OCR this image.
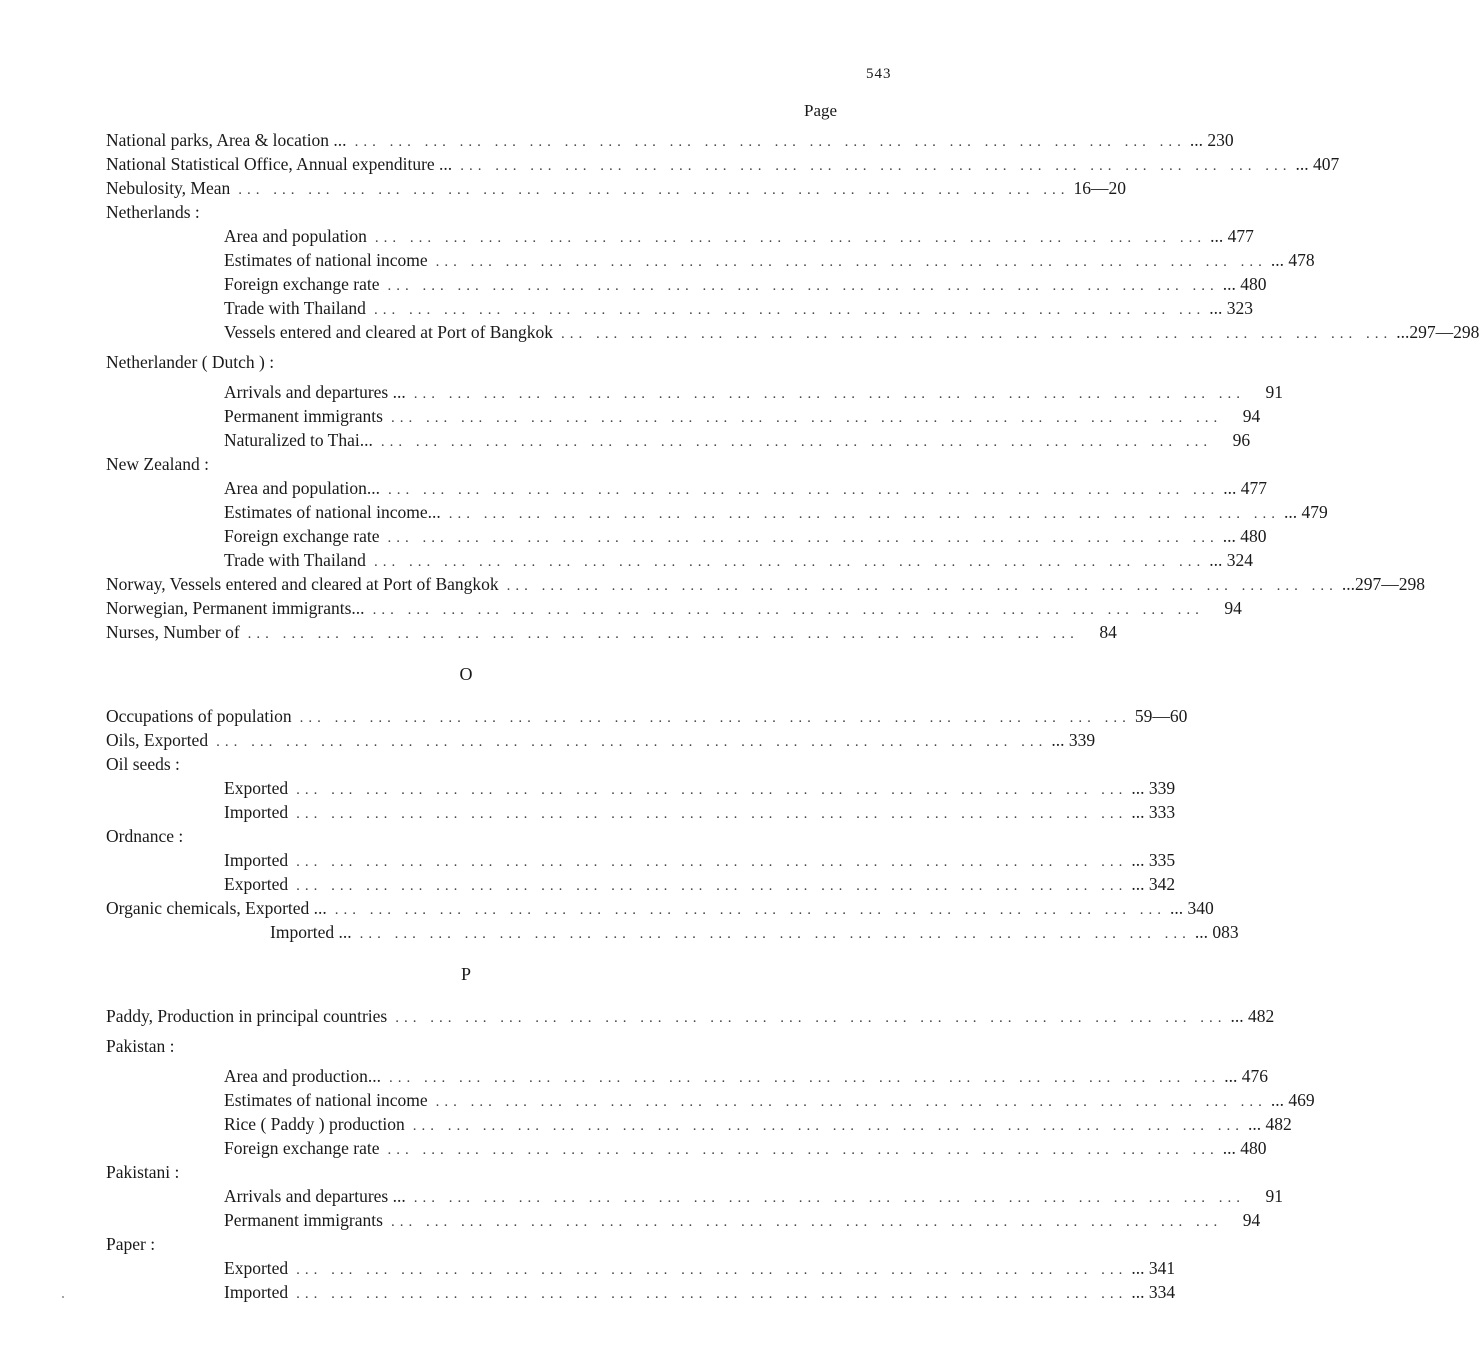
543
Page
National parks, Area & location ... ... ... ... ... ... ... ... ... ... ... ... ... ... ... ... ... ... ... ... ... ... ... ... ... ... 230
National Statistical Office, Annual expenditure ... ... ... ... ... ... ... ... ... ... ... ... ... ... ... ... ... ... ... ... ... ... ... ... ... ... 407
Nebulosity, Mean ... ... ... ... ... ... ... ... ... ... ... ... ... ... ... ... ... ... ... ... ... ... ... ... 16—20
Netherlands :
Area and population ... ... ... ... ... ... ... ... ... ... ... ... ... ... ... ... ... ... ... ... ... ... ... ... ... 477
Estimates of national income ... ... ... ... ... ... ... ... ... ... ... ... ... ... ... ... ... ... ... ... ... ... ... ... ... 478
Foreign exchange rate ... ... ... ... ... ... ... ... ... ... ... ... ... ... ... ... ... ... ... ... ... ... ... ... ... 480
Trade with Thailand ... ... ... ... ... ... ... ... ... ... ... ... ... ... ... ... ... ... ... ... ... ... ... ... ... 323
Vessels entered and cleared at Port of Bangkok ... ... ... ... ... ... ... ... ... ... ... ... ... ... ... ... ... ... ... ... ... ... ... ... ...297—298
Netherlander ( Dutch ) :
Arrivals and departures ... ... ... ... ... ... ... ... ... ... ... ... ... ... ... ... ... ... ... ... ... ... ... ... ...	91
Permanent immigrants ... ... ... ... ... ... ... ... ... ... ... ... ... ... ... ... ... ... ... ... ... ... ... ...	94
Naturalized to Thai... ... ... ... ... ... ... ... ... ... ... ... ... ... ... ... ... ... ... ... ... ... ... ... ...	96
New Zealand :
Area and population... ... ... ... ... ... ... ... ... ... ... ... ... ... ... ... ... ... ... ... ... ... ... ... ... ... 477
Estimates of national income... ... ... ... ... ... ... ... ... ... ... ... ... ... ... ... ... ... ... ... ... ... ... ... ... ... 479
Foreign exchange rate ... ... ... ... ... ... ... ... ... ... ... ... ... ... ... ... ... ... ... ... ... ... ... ... ... 480
Trade with Thailand ... ... ... ... ... ... ... ... ... ... ... ... ... ... ... ... ... ... ... ... ... ... ... ... ... 324
Norway, Vessels entered and cleared at Port of Bangkok ... ... ... ... ... ... ... ... ... ... ... ... ... ... ... ... ... ... ... ... ... ... ... ... ...297—298
Norwegian, Permanent immigrants... ... ... ... ... ... ... ... ... ... ... ... ... ... ... ... ... ... ... ... ... ... ... ... ...	94
Nurses, Number of ... ... ... ... ... ... ... ... ... ... ... ... ... ... ... ... ... ... ... ... ... ... ... ...	84
O
Occupations of population ... ... ... ... ... ... ... ... ... ... ... ... ... ... ... ... ... ... ... ... ... ... ... ... 59—60
Oils, Exported ... ... ... ... ... ... ... ... ... ... ... ... ... ... ... ... ... ... ... ... ... ... ... ... ... 339
Oil seeds :
Exported ... ... ... ... ... ... ... ... ... ... ... ... ... ... ... ... ... ... ... ... ... ... ... ... ... 339
Imported ... ... ... ... ... ... ... ... ... ... ... ... ... ... ... ... ... ... ... ... ... ... ... ... ... 333
Ordnance :
Imported ... ... ... ... ... ... ... ... ... ... ... ... ... ... ... ... ... ... ... ... ... ... ... ... ... 335
Exported ... ... ... ... ... ... ... ... ... ... ... ... ... ... ... ... ... ... ... ... ... ... ... ... ... 342
Organic chemicals, Exported ... ... ... ... ... ... ... ... ... ... ... ... ... ... ... ... ... ... ... ... ... ... ... ... ... ... 340
Imported ... ... ... ... ... ... ... ... ... ... ... ... ... ... ... ... ... ... ... ... ... ... ... ... ... ... 083
P
Paddy, Production in principal countries ... ... ... ... ... ... ... ... ... ... ... ... ... ... ... ... ... ... ... ... ... ... ... ... ... 482
Pakistan :
Area and production... ... ... ... ... ... ... ... ... ... ... ... ... ... ... ... ... ... ... ... ... ... ... ... ... ... 476
Estimates of national income ... ... ... ... ... ... ... ... ... ... ... ... ... ... ... ... ... ... ... ... ... ... ... ... ... 469
Rice ( Paddy ) production ... ... ... ... ... ... ... ... ... ... ... ... ... ... ... ... ... ... ... ... ... ... ... ... ... 482
Foreign exchange rate ... ... ... ... ... ... ... ... ... ... ... ... ... ... ... ... ... ... ... ... ... ... ... ... ... 480
Pakistani :
Arrivals and departures ... ... ... ... ... ... ... ... ... ... ... ... ... ... ... ... ... ... ... ... ... ... ... ... ...	91
Permanent immigrants ... ... ... ... ... ... ... ... ... ... ... ... ... ... ... ... ... ... ... ... ... ... ... ...	94
Paper :
Exported ... ... ... ... ... ... ... ... ... ... ... ... ... ... ... ... ... ... ... ... ... ... ... ... ... 341
Imported ... ... ... ... ... ... ... ... ... ... ... ... ... ... ... ... ... ... ... ... ... ... ... ... ... 334
